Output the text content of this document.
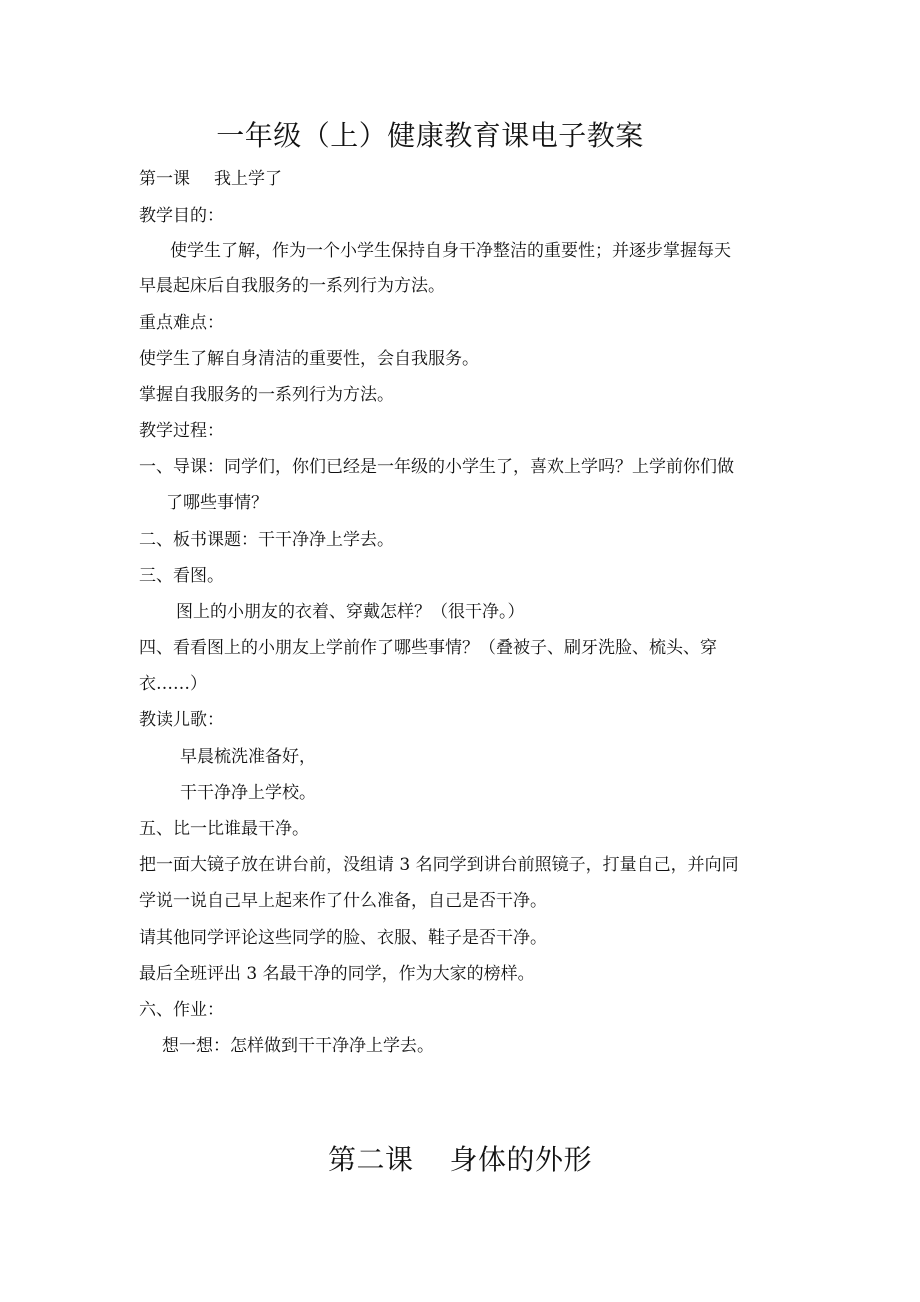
一年级（上）健康教育课电子教案
第一课 我上学了
教学目的：
使学生了解，作为一个小学生保持自身干净整洁的重要性；并逐步掌握每天
早晨起床后自我服务的一系列行为方法。
重点难点：
使学生了解自身清洁的重要性，会自我服务。
掌握自我服务的一系列行为方法。
教学过程：
一、导课：同学们，你们已经是一年级的小学生了，喜欢上学吗？上学前你们做
了哪些事情？
二、板书课题：干干净净上学去。
三、看图。
图上的小朋友的衣着、穿戴怎样？（很干净。）
四、看看图上的小朋友上学前作了哪些事情？（叠被子、刷牙洗脸、梳头、穿
衣……）
教读儿歌：
早晨梳洗准备好，
干干净净上学校。
五、比一比谁最干净。
把一面大镜子放在讲台前，没组请 3 名同学到讲台前照镜子，打量自己，并向同
学说一说自己早上起来作了什么准备，自己是否干净。
请其他同学评论这些同学的脸、衣服、鞋子是否干净。
最后全班评出 3 名最干净的同学，作为大家的榜样。
六、作业：
想一想：怎样做到干干净净上学去。
第二课 身体的外形
